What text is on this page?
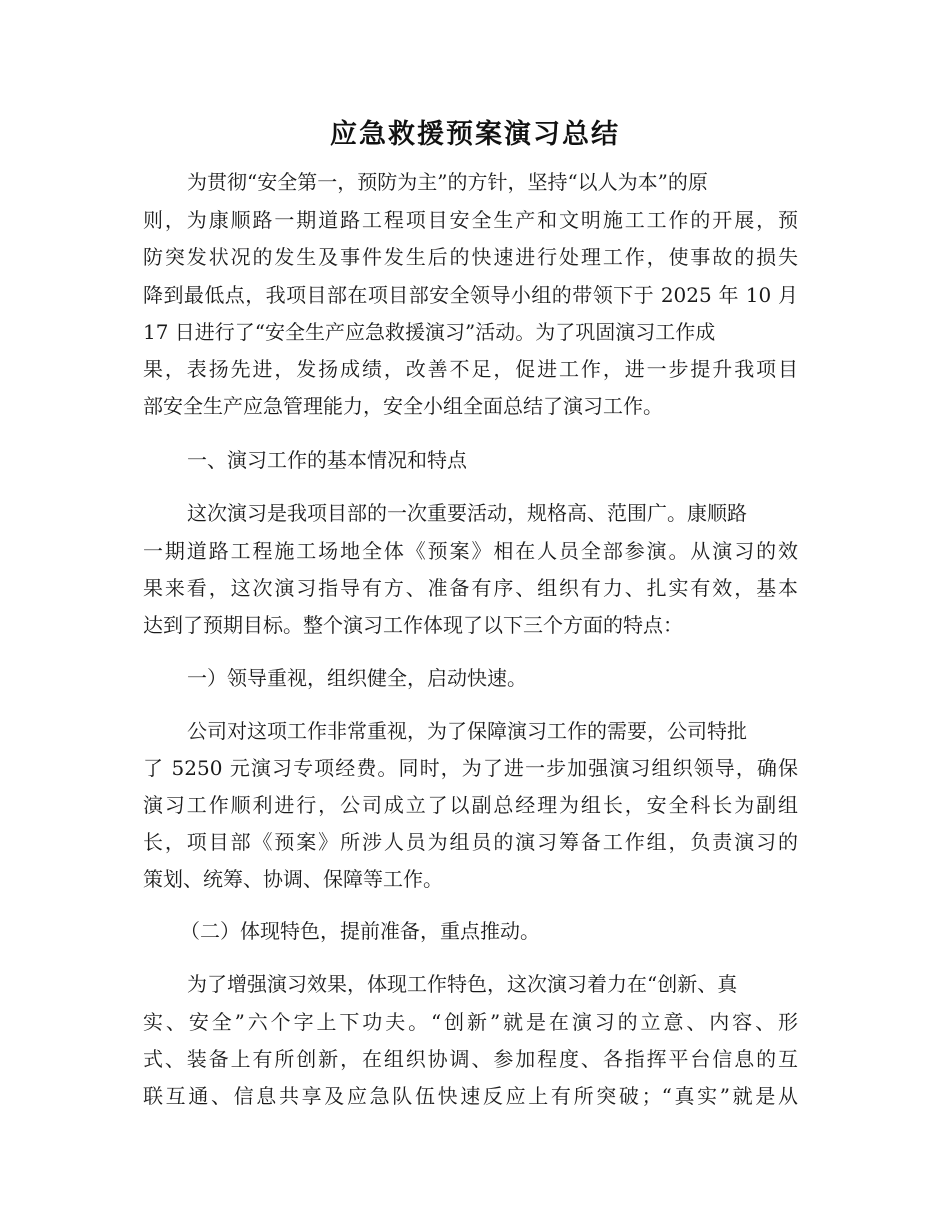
应急救援预案演习总结
为贯彻“安全第一，预防为主”的方针，坚持“以人为本”的原
则，为康顺路一期道路工程项目安全生产和文明施工工作的开展，预
防突发状况的发生及事件发生后的快速进行处理工作，使事故的损失
降到最低点，我项目部在项目部安全领导小组的带领下于 2025 年 10 月
17 日进行了“安全生产应急救援演习”活动。为了巩固演习工作成
果，表扬先进，发扬成绩，改善不足，促进工作，进一步提升我项目
部安全生产应急管理能力，安全小组全面总结了演习工作。
一、演习工作的基本情况和特点
这次演习是我项目部的一次重要活动，规格高、范围广。康顺路
一期道路工程施工场地全体《预案》相在人员全部参演。从演习的效
果来看，这次演习指导有方、准备有序、组织有力、扎实有效，基本
达到了预期目标。整个演习工作体现了以下三个方面的特点：
一）领导重视，组织健全，启动快速。
公司对这项工作非常重视，为了保障演习工作的需要，公司特批
了 5250 元演习专项经费。同时，为了进一步加强演习组织领导，确保
演习工作顺利进行，公司成立了以副总经理为组长，安全科长为副组
长，项目部《预案》所涉人员为组员的演习筹备工作组，负责演习的
策划、统筹、协调、保障等工作。
（二）体现特色，提前准备，重点推动。
为了增强演习效果，体现工作特色，这次演习着力在“创新、真
实、安全”六个字上下功夫。“创新”就是在演习的立意、内容、形
式、装备上有所创新，在组织协调、参加程度、各指挥平台信息的互
联互通、信息共享及应急队伍快速反应上有所突破；“真实”就是从
